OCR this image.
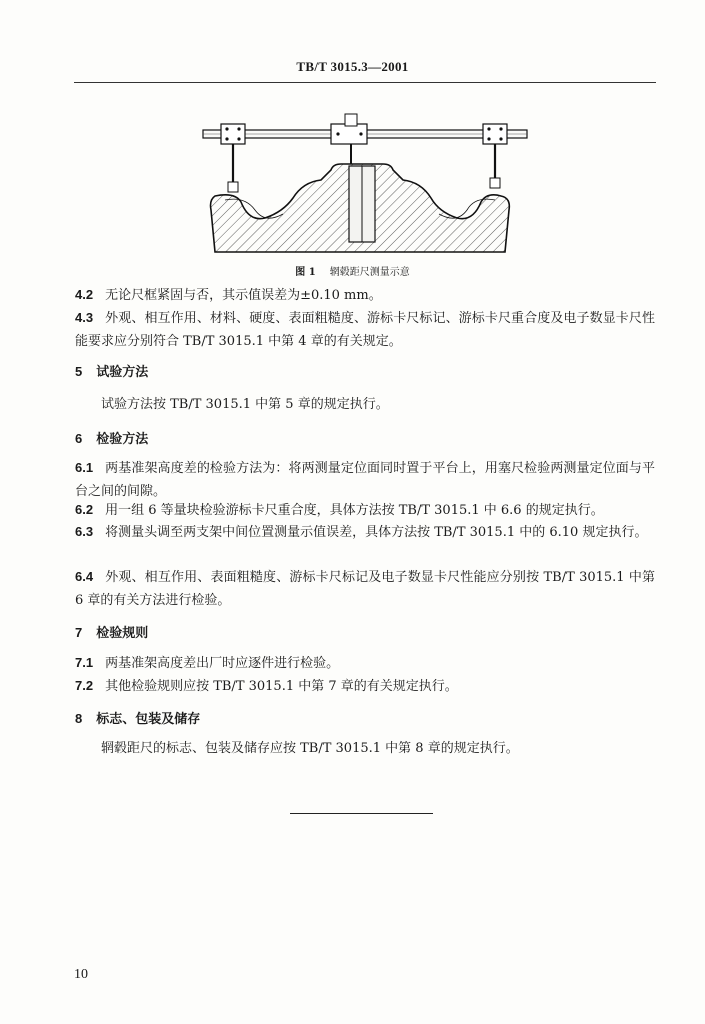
TB/T 3015.3—2001
图 1 辋毂距尺测量示意
4.2 无论尺框紧固与否，其示值误差为±0.10 mm。
4.3 外观、相互作用、材料、硬度、表面粗糙度、游标卡尺标记、游标卡尺重合度及电子数显卡尺性能要求应分别符合 TB/T 3015.1 中第 4 章的有关规定。
5 试验方法
试验方法按 TB/T 3015.1 中第 5 章的规定执行。
6 检验方法
6.1 两基准架高度差的检验方法为：将两测量定位面同时置于平台上，用塞尺检验两测量定位面与平台之间的间隙。
6.2 用一组 6 等量块检验游标卡尺重合度，具体方法按 TB/T 3015.1 中 6.6 的规定执行。
6.3 将测量头调至两支架中间位置测量示值误差，具体方法按 TB/T 3015.1 中的 6.10 规定执行。
6.4 外观、相互作用、表面粗糙度、游标卡尺标记及电子数显卡尺性能应分别按 TB/T 3015.1 中第 6 章的有关方法进行检验。
7 检验规则
7.1 两基准架高度差出厂时应逐件进行检验。
7.2 其他检验规则应按 TB/T 3015.1 中第 7 章的有关规定执行。
8 标志、包装及储存
辋毂距尺的标志、包装及储存应按 TB/T 3015.1 中第 8 章的规定执行。
10
